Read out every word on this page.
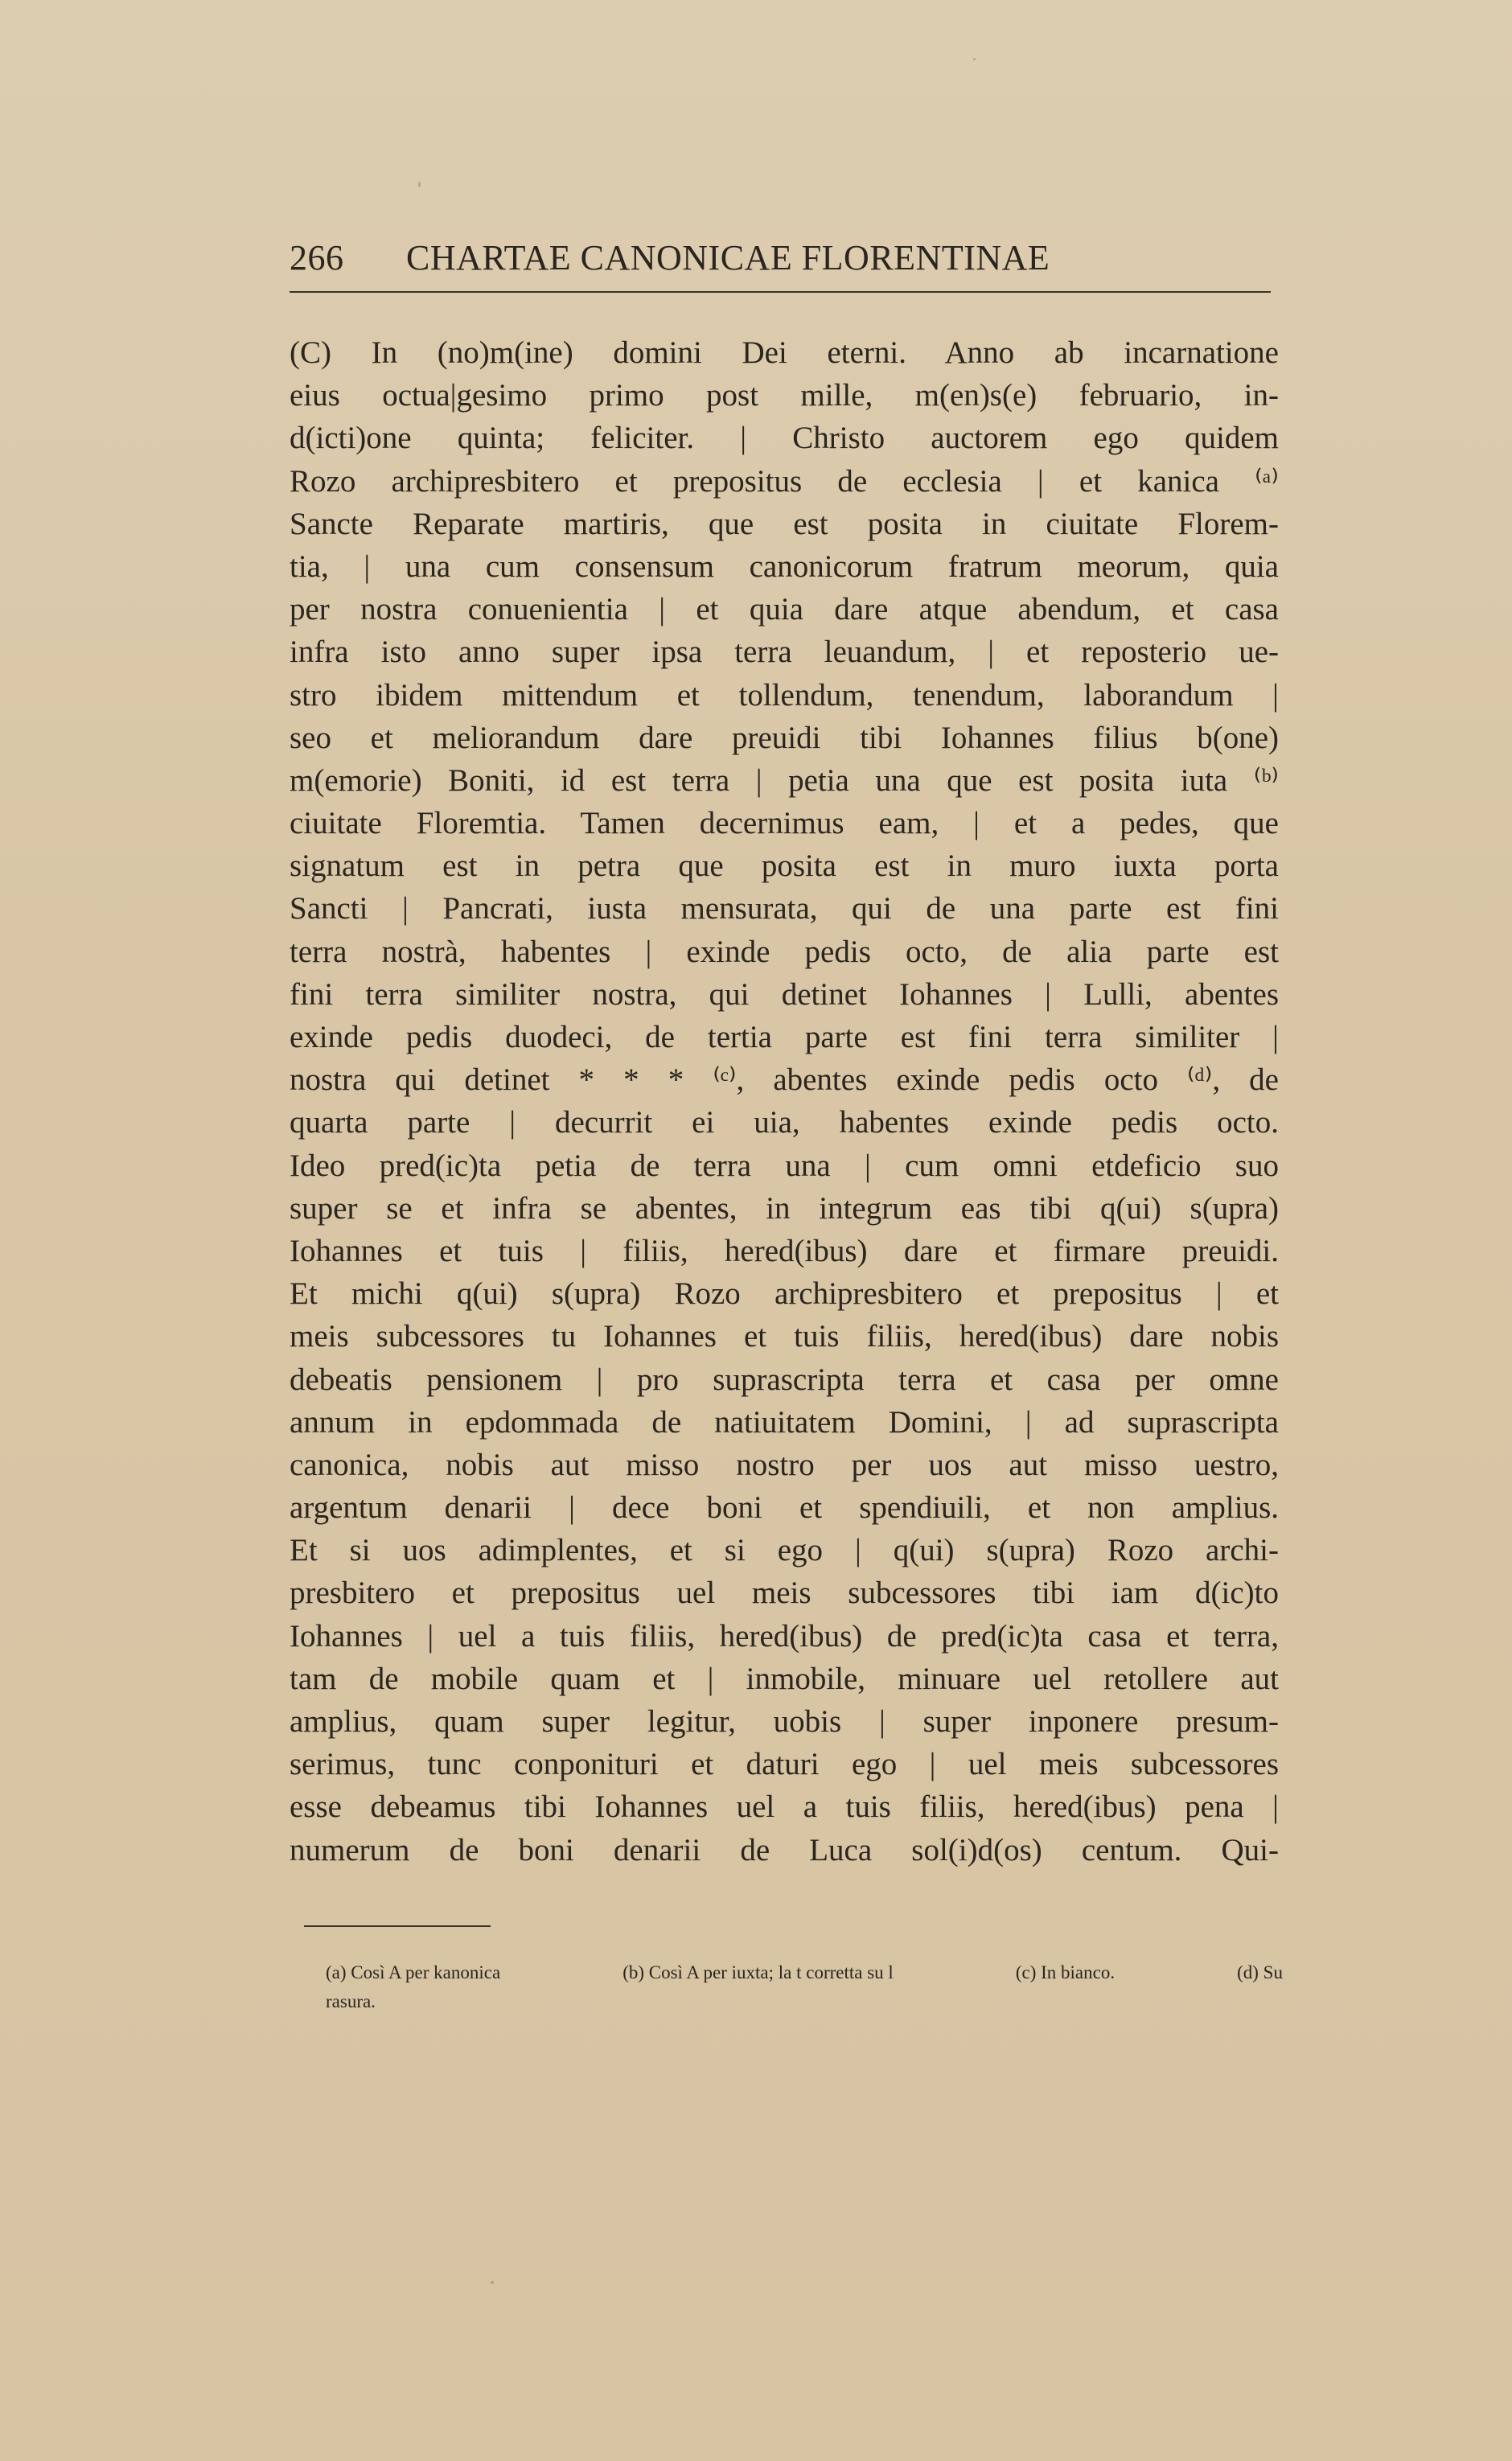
266 CHARTAE CANONICAE FLORENTINAE
(C) In (no)m(ine) domini Dei eterni. Anno ab incarnatione
eius octua|gesimo primo post mille, m(en)s(e) februario, in-
d(icti)one quinta; feliciter. | Christo auctorem ego quidem
Rozo archipresbitero et prepositus de ecclesia | et kanica ⁽ᵃ⁾
Sancte Reparate martiris, que est posita in ciuitate Florem-
tia, | una cum consensum canonicorum fratrum meorum, quia
per nostra conuenientia | et quia dare atque abendum, et casa
infra isto anno super ipsa terra leuandum, | et reposterio ue-
stro ibidem mittendum et tollendum, tenendum, laborandum |
seo et meliorandum dare preuidi tibi Iohannes filius b(one)
m(emorie) Boniti, id est terra | petia una que est posita iuta ⁽ᵇ⁾
ciuitate Floremtia. Tamen decernimus eam, | et a pedes, que
signatum est in petra que posita est in muro iuxta porta
Sancti | Pancrati, iusta mensurata, qui de una parte est fini
terra nostrà, habentes | exinde pedis octo, de alia parte est
fini terra similiter nostra, qui detinet Iohannes | Lulli, abentes
exinde pedis duodeci, de tertia parte est fini terra similiter |
nostra qui detinet * * * ⁽ᶜ⁾, abentes exinde pedis octo ⁽ᵈ⁾, de
quarta parte | decurrit ei uia, habentes exinde pedis octo.
Ideo pred(ic)ta petia de terra una | cum omni etdeficio suo
super se et infra se abentes, in integrum eas tibi q(ui) s(upra)
Iohannes et tuis | filiis, hered(ibus) dare et firmare preuidi.
Et michi q(ui) s(upra) Rozo archipresbitero et prepositus | et
meis subcessores tu Iohannes et tuis filiis, hered(ibus) dare nobis
debeatis pensionem | pro suprascripta terra et casa per omne
annum in epdommada de natiuitatem Domini, | ad suprascripta
canonica, nobis aut misso nostro per uos aut misso uestro,
argentum denarii | dece boni et spendiuili, et non amplius.
Et si uos adimplentes, et si ego | q(ui) s(upra) Rozo archi-
presbitero et prepositus uel meis subcessores tibi iam d(ic)to
Iohannes | uel a tuis filiis, hered(ibus) de pred(ic)ta casa et terra,
tam de mobile quam et | inmobile, minuare uel retollere aut
amplius, quam super legitur, uobis | super inponere presum-
serimus, tunc conponituri et daturi ego | uel meis subcessores
esse debeamus tibi Iohannes uel a tuis filiis, hered(ibus) pena |
numerum de boni denarii de Luca sol(i)d(os) centum. Qui-
(a) Così A per kanonica	(b) Così A per iuxta; la t corretta su l	(c) In bianco.	(d) Su
rasura.
